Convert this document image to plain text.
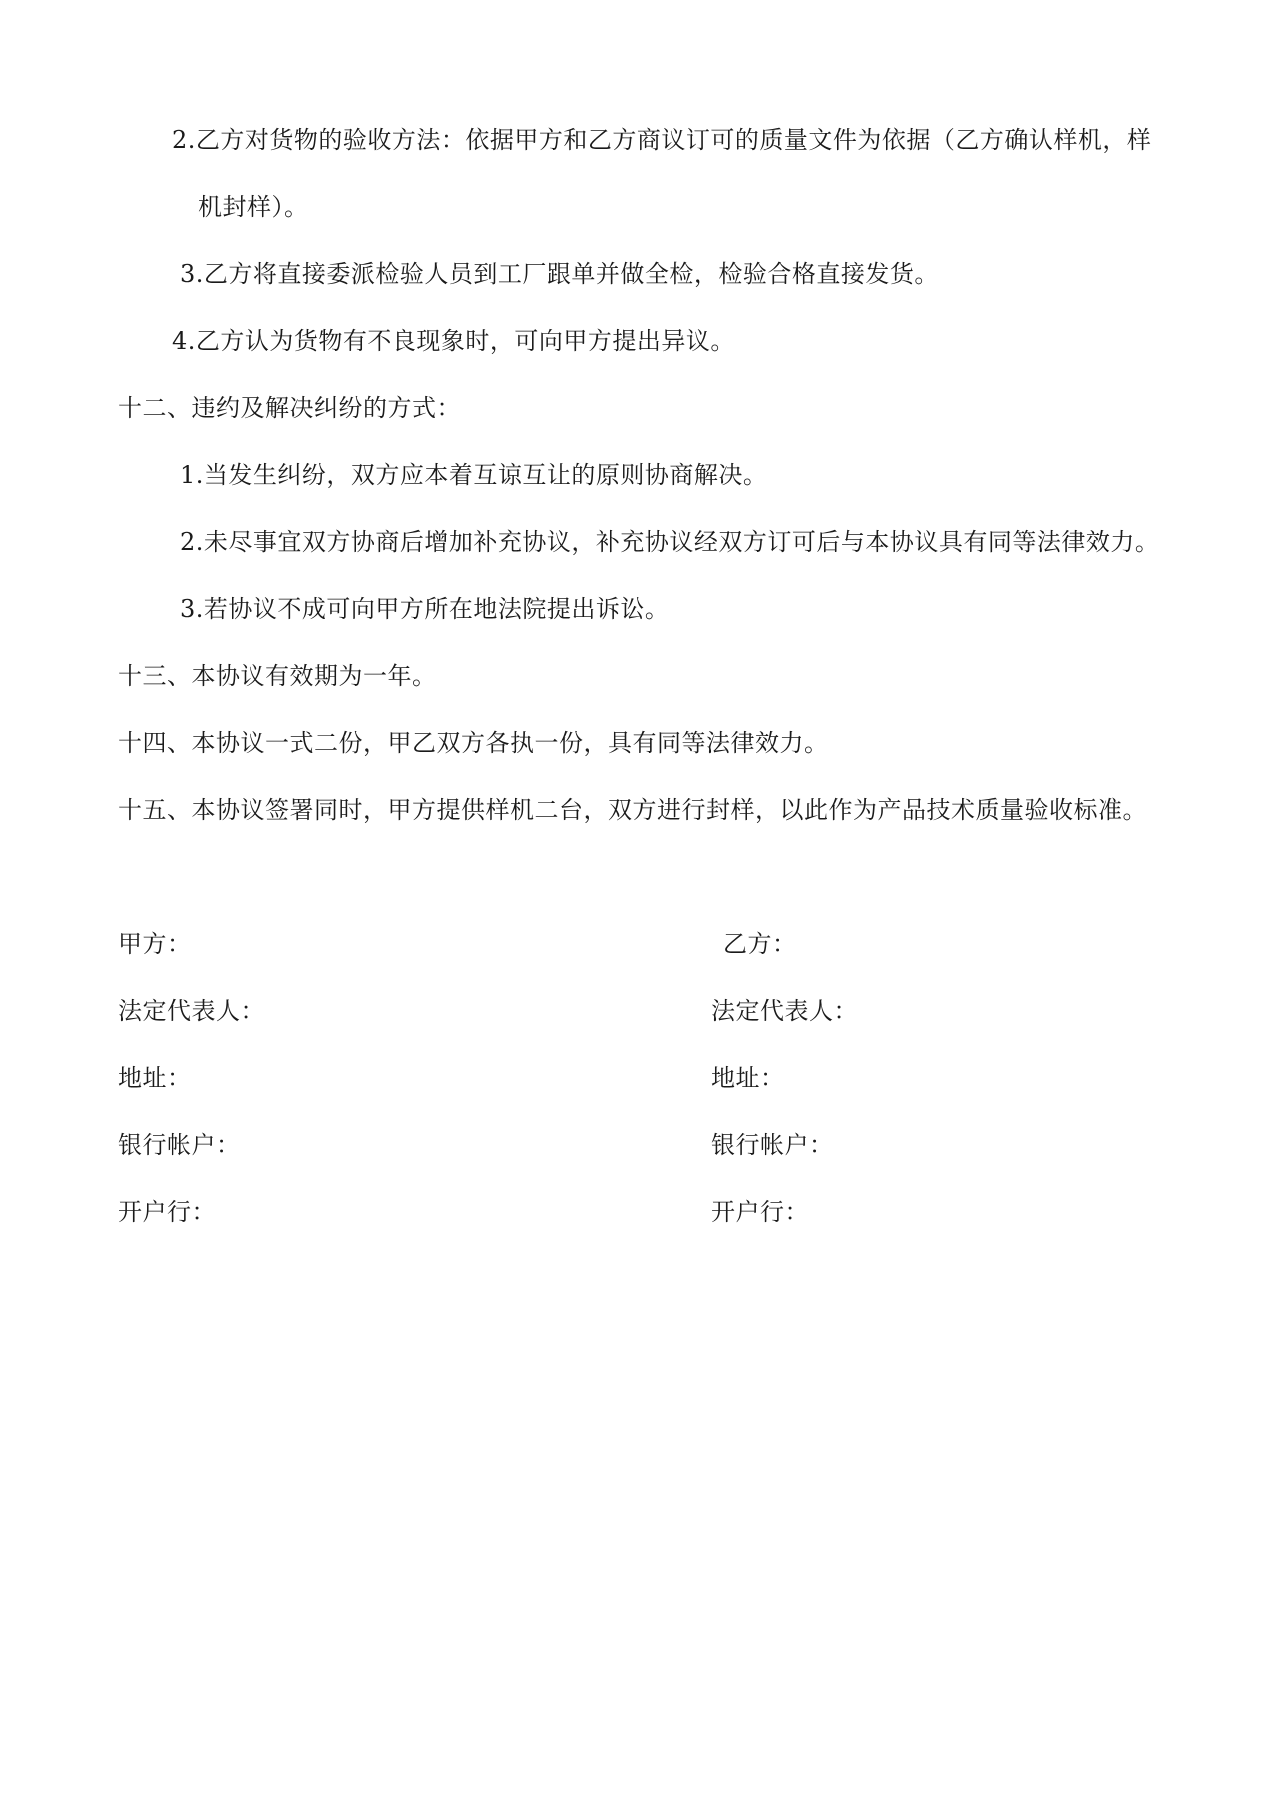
2.乙方对货物的验收方法：依据甲方和乙方商议订可的质量文件为依据（乙方确认样机，样
机封样）。
3.乙方将直接委派检验人员到工厂跟单并做全检，检验合格直接发货。
4.乙方认为货物有不良现象时，可向甲方提出异议。
十二、违约及解决纠纷的方式：
1.当发生纠纷，双方应本着互谅互让的原则协商解决。
2.未尽事宜双方协商后增加补充协议，补充协议经双方订可后与本协议具有同等法律效力。
3.若协议不成可向甲方所在地法院提出诉讼。
十三、本协议有效期为一年。
十四、本协议一式二份，甲乙双方各执一份，具有同等法律效力。
十五、本协议签署同时，甲方提供样机二台，双方进行封样，以此作为产品技术质量验收标准。
甲方：
法定代表人：
地址：
银行帐户：
开户行：
乙方：
法定代表人：
地址：
银行帐户：
开户行：
